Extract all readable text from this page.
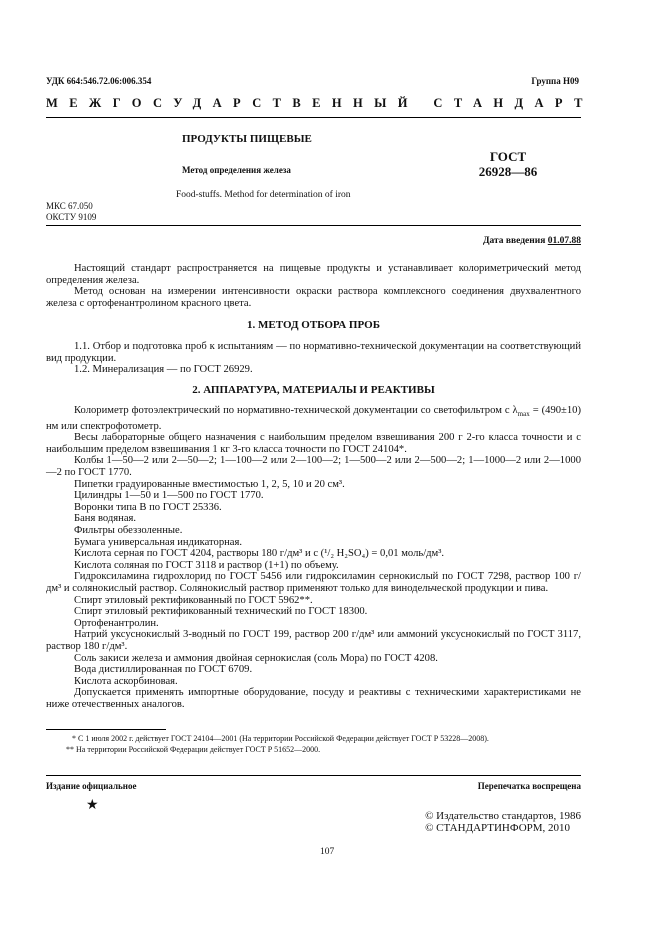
УДК 664:546.72.06:006.354	Группа Н09
МЕЖГОСУДАРСТВЕННЫЙ СТАНДАРТ
ПРОДУКТЫ ПИЩЕВЫЕ
Метод определения железа
ГОСТ
26928—86
Food-stuffs. Method for determination of iron
МКС 67.050
ОКСТУ 9109
Дата введения 01.07.88

Настоящий стандарт распространяется на пищевые продукты и устанавливает колориметрический метод определения железа.

Метод основан на измерении интенсивности окраски раствора комплексного соединения двухвалентного железа с ортофенантролином красного цвета.

1. МЕТОД ОТБОРА ПРОБ

1.1. Отбор и подготовка проб к испытаниям — по нормативно-технической документации на соответствующий вид продукции.

1.2. Минерализация — по ГОСТ 26929.

2. АППАРАТУРА, МАТЕРИАЛЫ И РЕАКТИВЫ

Колориметр фотоэлектрический по нормативно-технической документации со светофильтром с $\lambda_{max} = (490\pm 10)$ нм или спектрофотометр.

Весы лабораторные общего назначения с наибольшим пределом взвешивания 200 г 2-го класса точности и с наибольшим пределом взвешивания 1 кг 3-го класса точности по ГОСТ 24104*.

Колбы 1—50—2 или 2—50—2; 1—100—2 или 2—100—2; 1—500—2 или 2—500—2; 1—1000—2 или 2—1000—2 по ГОСТ 1770.

Пипетки градуированные вместимостью 1, 2, 5, 10 и 20 см³.

Цилиндры 1—50 и 1—500 по ГОСТ 1770.

Воронки типа В по ГОСТ 25336.

Баня водяная.

Фильтры обеззоленные.

Бумага универсальная индикаторная.

Кислота серная по ГОСТ 4204, растворы 180 г/дм³ и c (¹/₂ H₂SO₄) = 0,01 моль/дм³.

Кислота соляная по ГОСТ 3118 и раствор (1+1) по объему.

Гидроксиламина гидрохлорид по ГОСТ 5456 или гидроксиламин сернокислый по ГОСТ 7298, раствор 100 г/дм³ и солянокислый раствор. Солянокислый раствор применяют только для винодельческой продукции и пива.

Спирт этиловый ректификованный по ГОСТ 5962**.

Спирт этиловый ректификованный технический по ГОСТ 18300.

Ортофенантролин.

Натрий уксуснокислый 3-водный по ГОСТ 199, раствор 200 г/дм³ или аммоний уксуснокислый по ГОСТ 3117, раствор 180 г/дм³.

Соль закиси железа и аммония двойная сернокислая (соль Мора) по ГОСТ 4208.

Вода дистиллированная по ГОСТ 6709.

Кислота аскорбиновая.

Допускается применять импортные оборудование, посуду и реактивы с техническими характеристиками не ниже отечественных аналогов.

* С 1 июля 2002 г. действует ГОСТ 24104—2001 (На территории Российской Федерации действует ГОСТ Р 53228—2008).
** На территории Российской Федерации действует ГОСТ Р 51652—2000.
Издание официальное	Перепечатка воспрещена
★
© Издательство стандартов, 1986
© СТАНДАРТИНФОРМ, 2010
107
